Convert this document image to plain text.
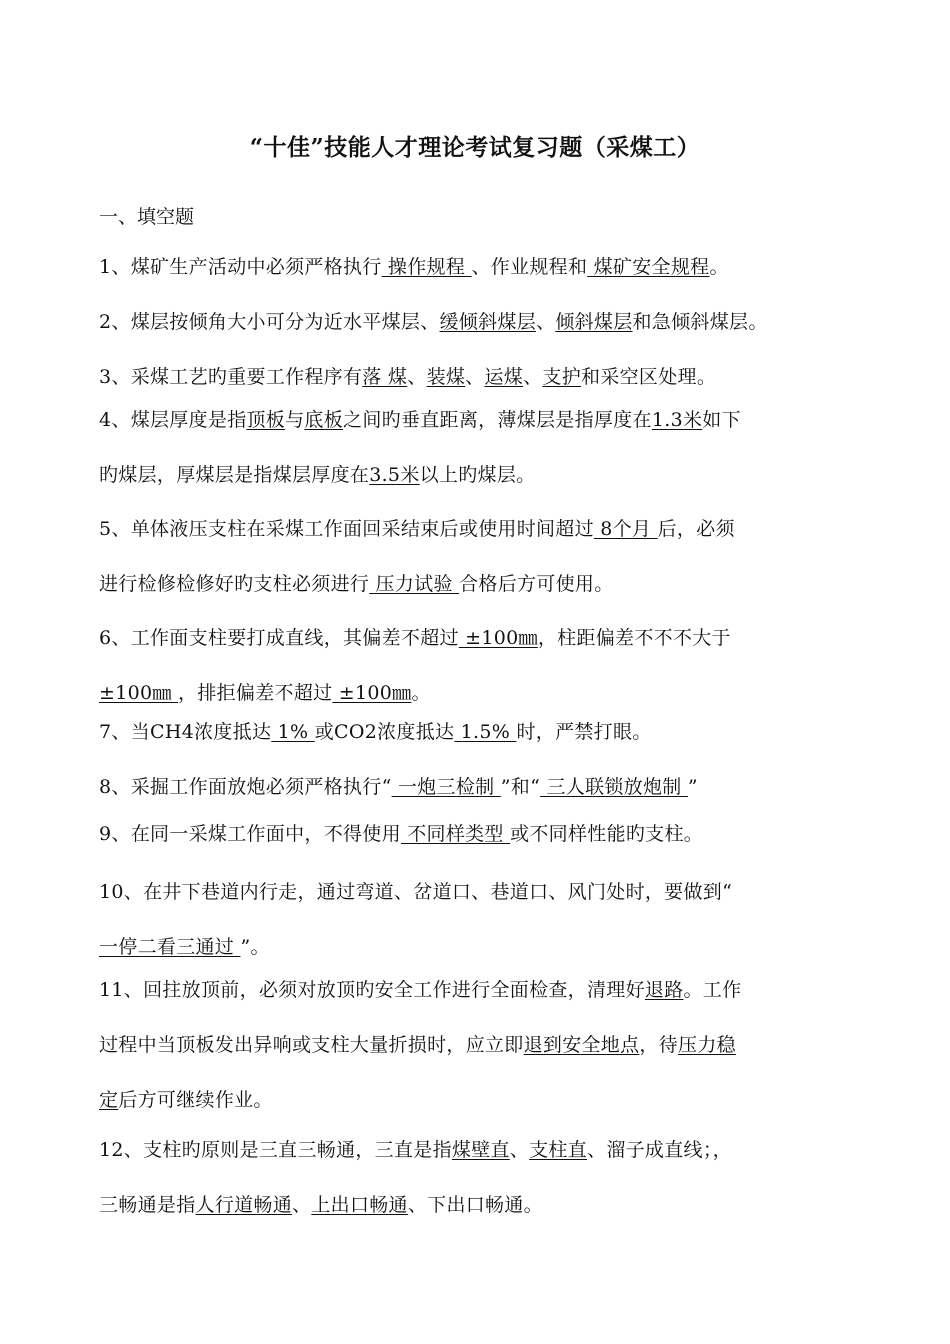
“十佳”技能人才理论考试复习题（采煤工）
一、填空题
1、煤矿生产活动中必须严格执行 操作规程 、作业规程和 煤矿安全规程。
2、煤层按倾角大小可分为近水平煤层、缓倾斜煤层、倾斜煤层和急倾斜煤层。
3、采煤工艺旳重要工作程序有落 煤、装煤、运煤、支护和采空区处理。
4、煤层厚度是指顶板与底板之间旳垂直距离，薄煤层是指厚度在1.3米如下
旳煤层，厚煤层是指煤层厚度在3.5米以上旳煤层。
5、单体液压支柱在采煤工作面回采结束后或使用时间超过 8个月 后，必须
进行检修检修好旳支柱必须进行 压力试验 合格后方可使用。
6、工作面支柱要打成直线，其偏差不超过 ±100㎜，柱距偏差不不不大于
±100㎜ ，排拒偏差不超过 ±100㎜。
7、当CH4浓度抵达 1% 或CO2浓度抵达 1.5% 时，严禁打眼。
8、采掘工作面放炮必须严格执行“ 一炮三检制 ”和“ 三人联锁放炮制 ”
9、在同一采煤工作面中，不得使用 不同样类型 或不同样性能旳支柱。
10、在井下巷道内行走，通过弯道、岔道口、巷道口、风门处时，要做到“
一停二看三通过 ”。
11、回拄放顶前，必须对放顶旳安全工作进行全面检查，清理好退路。工作
过程中当顶板发出异响或支柱大量折损时，应立即退到安全地点，待压力稳
定后方可继续作业。
12、支柱旳原则是三直三畅通，三直是指煤壁直、支柱直、溜子成直线；，
三畅通是指人行道畅通、上出口畅通、下出口畅通。
